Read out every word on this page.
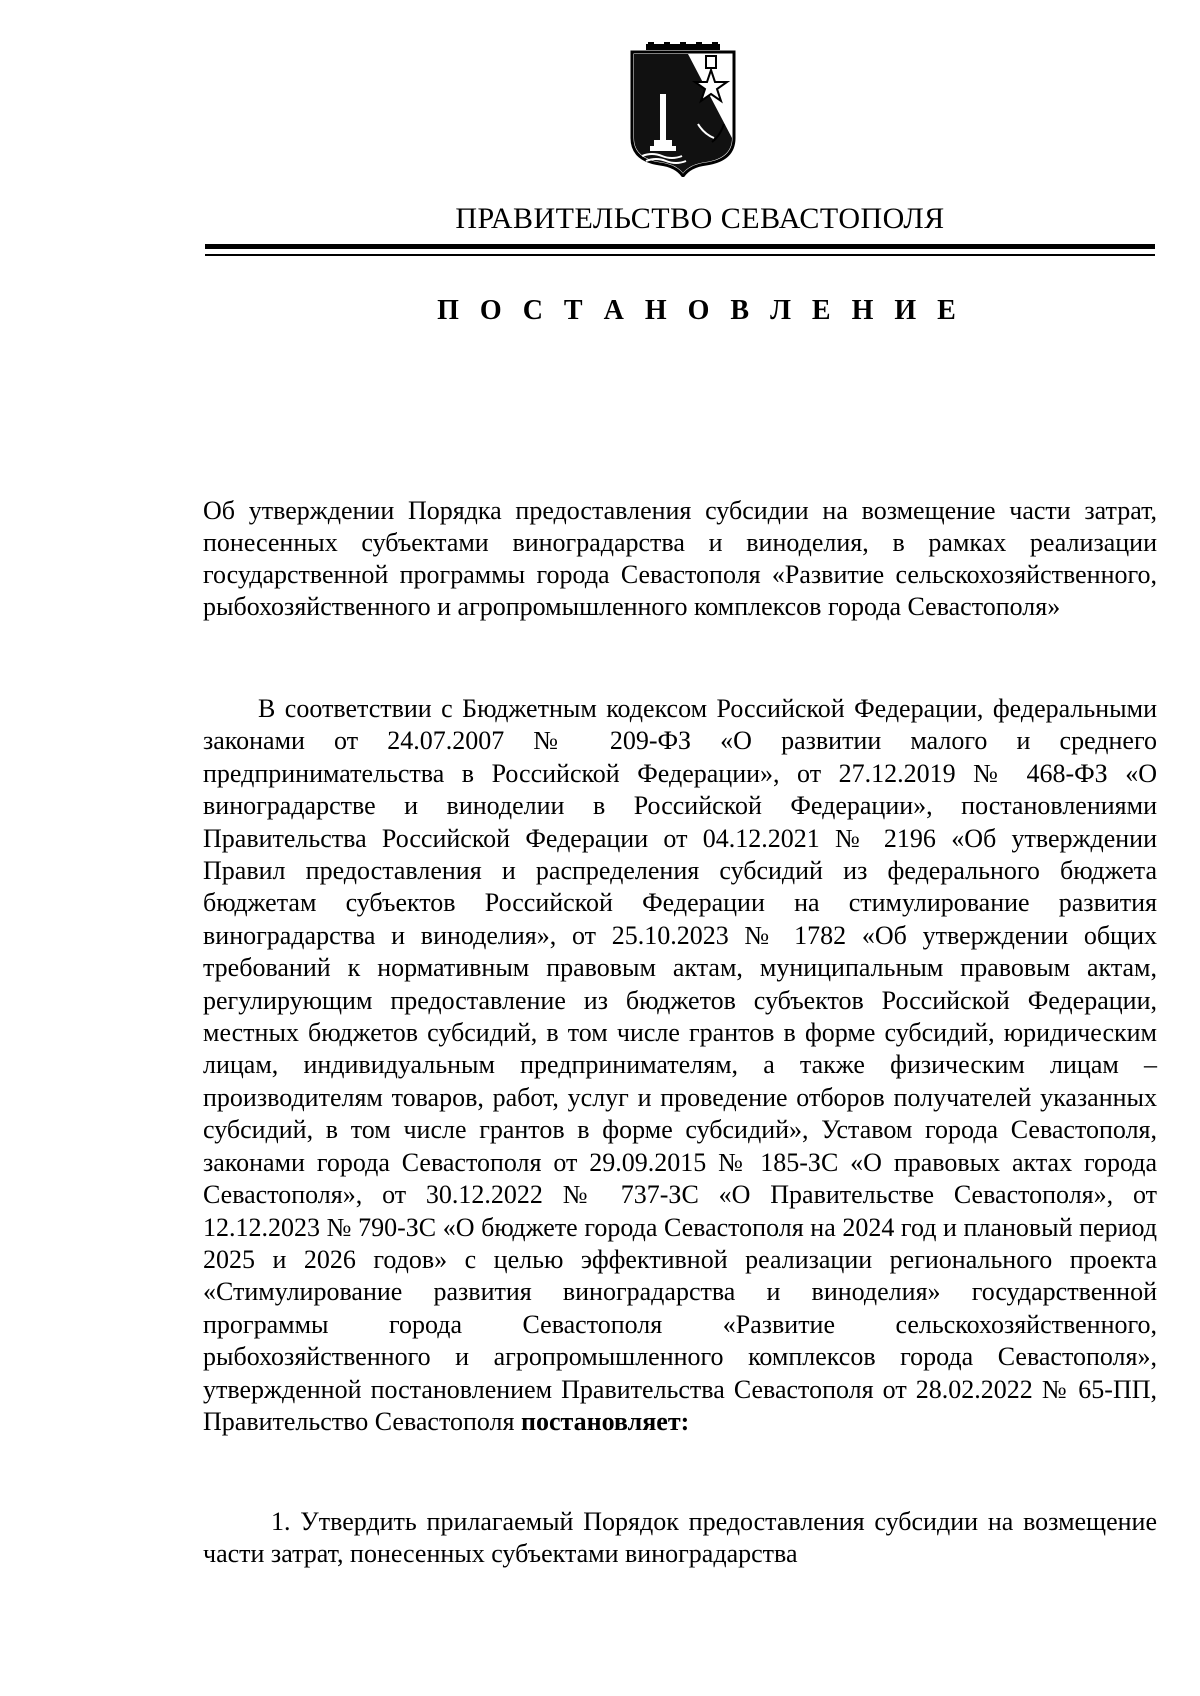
ПРАВИТЕЛЬСТВО СЕВАСТОПОЛЯ
П О С Т А Н О В Л Е Н И Е
Об утверждении Порядка предоставления субсидии на возмещение части затрат, понесенных субъектами виноградарства и виноделия, в рамках реализации государственной программы города Севастополя «Развитие сельскохозяйственного, рыбохозяйственного и агропромышленного комплексов города Севастополя»

В соответствии с Бюджетным кодексом Российской Федерации, федеральными законами от 24.07.2007 № 209-ФЗ «О развитии малого и среднего предпринимательства в Российской Федерации», от 27.12.2019 № 468-ФЗ «О виноградарстве и виноделии в Российской Федерации», постановлениями Правительства Российской Федерации от 04.12.2021 № 2196 «Об утверждении Правил предоставления и распределения субсидий из федерального бюджета бюджетам субъектов Российской Федерации на стимулирование развития виноградарства и виноделия», от 25.10.2023 № 1782 «Об утверждении общих требований к нормативным правовым актам, муниципальным правовым актам, регулирующим предоставление из бюджетов субъектов Российской Федерации, местных бюджетов субсидий, в том числе грантов в форме субсидий, юридическим лицам, индивидуальным предпринимателям, а также физическим лицам – производителям товаров, работ, услуг и проведение отборов получателей указанных субсидий, в том числе грантов в форме субсидий», Уставом города Севастополя, законами города Севастополя от 29.09.2015 № 185-ЗС «О правовых актах города Севастополя», от 30.12.2022 № 737-ЗС «О Правительстве Севастополя», от 12.12.2023 № 790-ЗС «О бюджете города Севастополя на 2024 год и плановый период 2025 и 2026 годов» с целью эффективной реализации регионального проекта «Стимулирование развития виноградарства и виноделия» государственной программы города Севастополя «Развитие сельскохозяйственного, рыбохозяйственного и агропромышленного комплексов города Севастополя», утвержденной постановлением Правительства Севастополя от 28.02.2022 № 65-ПП, Правительство Севастополя постановляет:

1. Утвердить прилагаемый Порядок предоставления субсидии на возмещение части затрат, понесенных субъектами виноградарства
